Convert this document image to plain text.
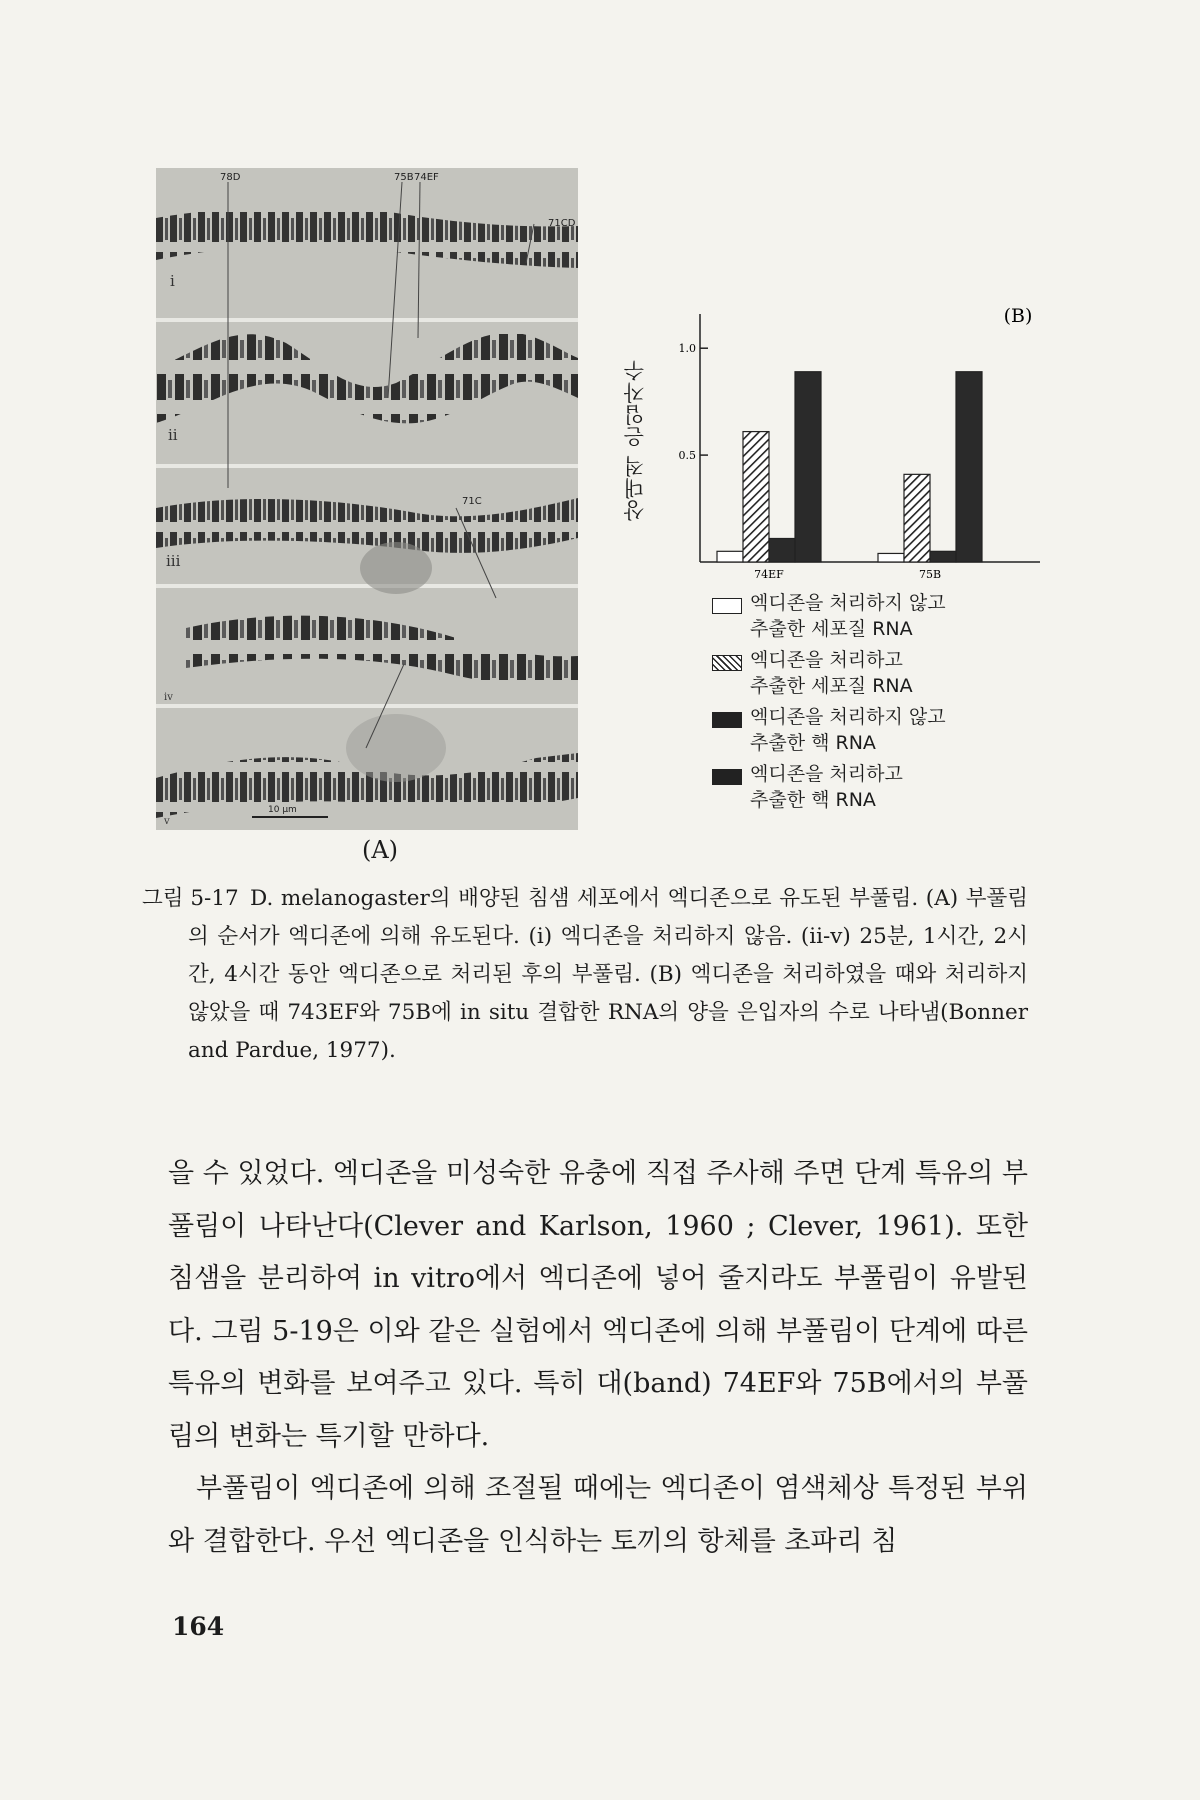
78D	75B 74EF
71CD
71C
i
ii
iii
iv
v
10 µm
(A)
상대적 은입자수
1.0
0.5
74EF	75B
(B)
엑디존을 처리하지 않고
추출한 세포질 RNA
엑디존을 처리하고
추출한 세포질 RNA
엑디존을 처리하지 않고
추출한 핵 RNA
엑디존을 처리하고
추출한 핵 RNA
그림 5-17 D. melanogaster의 배양된 침샘 세포에서 엑디존으로 유도된 부풀림. (A) 부풀림의 순서가 엑디존에 의해 유도된다. (i) 엑디존을 처리하지 않음. (ii-v) 25분, 1시간, 2시간, 4시간 동안 엑디존으로 처리된 후의 부풀림. (B) 엑디존을 처리하였을 때와 처리하지 않았을 때 743EF와 75B에 in situ 결합한 RNA의 양을 은입자의 수로 나타냄(Bonner and Pardue, 1977).

을 수 있었다. 엑디존을 미성숙한 유충에 직접 주사해 주면 단계 특유의 부풀림이 나타난다(Clever and Karlson, 1960 ; Clever, 1961). 또한 침샘을 분리하여 in vitro에서 엑디존에 넣어 줄지라도 부풀림이 유발된다. 그림 5-19은 이와 같은 실험에서 엑디존에 의해 부풀림이 단계에 따른 특유의 변화를 보여주고 있다. 특히 대(band) 74EF와 75B에서의 부풀림의 변화는 특기할 만하다.

부풀림이 엑디존에 의해 조절될 때에는 엑디존이 염색체상 특정된 부위와 결합한다. 우선 엑디존을 인식하는 토끼의 항체를 초파리 침

164
